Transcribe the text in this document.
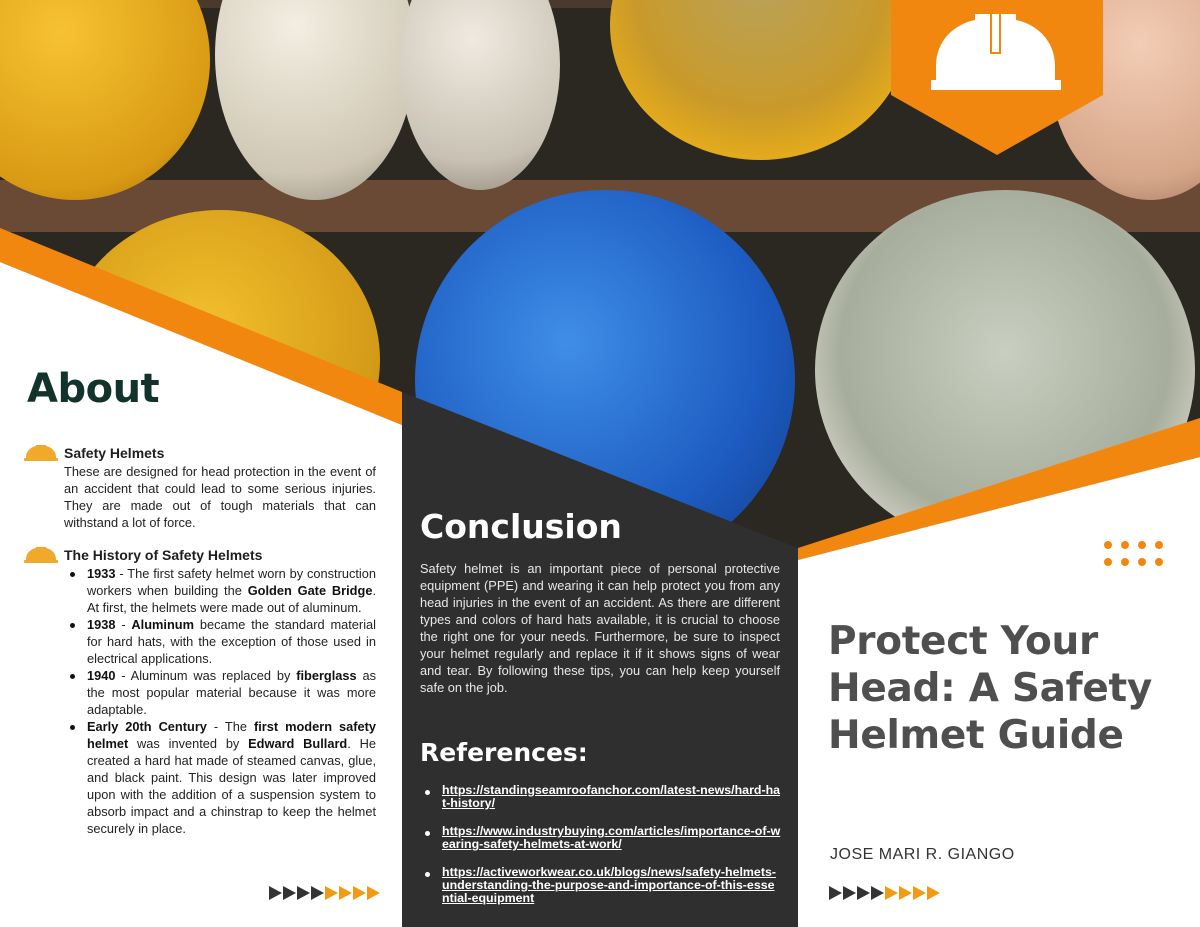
About
Safety Helmets
These are designed for head protection in the event of an accident that could lead to some serious injuries. They are made out of tough materials that can withstand a lot of force.
The History of Safety Helmets
1933 - The first safety helmet worn by construction workers when building the Golden Gate Bridge. At first, the helmets were made out of aluminum.
1938 - Aluminum became the standard material for hard hats, with the exception of those used in electrical applications.
1940 - Aluminum was replaced by fiberglass as the most popular material because it was more adaptable.
Early 20th Century - The first modern safety helmet was invented by Edward Bullard. He created a hard hat made of steamed canvas, glue, and black paint. This design was later improved upon with the addition of a suspension system to absorb impact and a chinstrap to keep the helmet securely in place.
Conclusion
Safety helmet is an important piece of personal protective equipment (PPE) and wearing it can help protect you from any head injuries in the event of an accident. As there are different types and colors of hard hats available, it is crucial to choose the right one for your needs. Furthermore, be sure to inspect your helmet regularly and replace it if it shows signs of wear and tear. By following these tips, you can help keep yourself safe on the job.
References:
https://standingseamroofanchor.com/latest-news/hard-hat-history/
https://www.industrybuying.com/articles/importance-of-wearing-safety-helmets-at-work/
https://activeworkwear.co.uk/blogs/news/safety-helmets-understanding-the-purpose-and-importance-of-this-essential-equipment
Protect Your Head: A Safety Helmet Guide
JOSE MARI R. GIANGO
